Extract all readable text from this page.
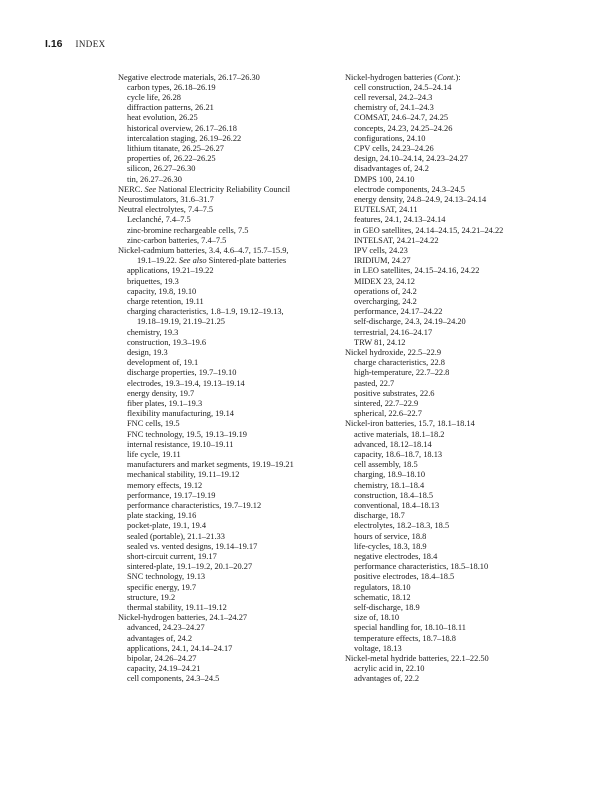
I.16 INDEX
Negative electrode materials, 26.17–26.30
carbon types, 26.18–26.19
cycle life, 26.28
diffraction patterns, 26.21
heat evolution, 26.25
historical overview, 26.17–26.18
intercalation staging, 26.19–26.22
lithium titanate, 26.25–26.27
properties of, 26.22–26.25
silicon, 26.27–26.30
tin, 26.27–26.30
NERC. See National Electricity Reliability Council
Neurostimulators, 31.6–31.7
Neutral electrolytes, 7.4–7.5
Leclanché, 7.4–7.5
zinc-bromine rechargeable cells, 7.5
zinc-carbon batteries, 7.4–7.5
Nickel-cadmium batteries, 3.4, 4.6–4.7, 15.7–15.9,
19.1–19.22. See also Sintered-plate batteries
applications, 19.21–19.22
briquettes, 19.3
capacity, 19.8, 19.10
charge retention, 19.11
charging characteristics, 1.8–1.9, 19.12–19.13,
19.18–19.19, 21.19–21.25
chemistry, 19.3
construction, 19.3–19.6
design, 19.3
development of, 19.1
discharge properties, 19.7–19.10
electrodes, 19.3–19.4, 19.13–19.14
energy density, 19.7
fiber plates, 19.1–19.3
flexibility manufacturing, 19.14
FNC cells, 19.5
FNC technology, 19.5, 19.13–19.19
internal resistance, 19.10–19.11
life cycle, 19.11
manufacturers and market segments, 19.19–19.21
mechanical stability, 19.11–19.12
memory effects, 19.12
performance, 19.17–19.19
performance characteristics, 19.7–19.12
plate stacking, 19.16
pocket-plate, 19.1, 19.4
sealed (portable), 21.1–21.33
sealed vs. vented designs, 19.14–19.17
short-circuit current, 19.17
sintered-plate, 19.1–19.2, 20.1–20.27
SNC technology, 19.13
specific energy, 19.7
structure, 19.2
thermal stability, 19.11–19.12
Nickel-hydrogen batteries, 24.1–24.27
advanced, 24.23–24.27
advantages of, 24.2
applications, 24.1, 24.14–24.17
bipolar, 24.26–24.27
capacity, 24.19–24.21
cell components, 24.3–24.5
Nickel-hydrogen batteries (Cont.):
cell construction, 24.5–24.14
cell reversal, 24.2–24.3
chemistry of, 24.1–24.3
COMSAT, 24.6–24.7, 24.25
concepts, 24.23, 24.25–24.26
configurations, 24.10
CPV cells, 24.23–24.26
design, 24.10–24.14, 24.23–24.27
disadvantages of, 24.2
DMPS 100, 24.10
electrode components, 24.3–24.5
energy density, 24.8–24.9, 24.13–24.14
EUTELSAT, 24.11
features, 24.1, 24.13–24.14
in GEO satellites, 24.14–24.15, 24.21–24.22
INTELSAT, 24.21–24.22
IPV cells, 24.23
IRIDIUM, 24.27
in LEO satellites, 24.15–24.16, 24.22
MIDEX 23, 24.12
operations of, 24.2
overcharging, 24.2
performance, 24.17–24.22
self-discharge, 24.3, 24.19–24.20
terrestrial, 24.16–24.17
TRW 81, 24.12
Nickel hydroxide, 22.5–22.9
charge characteristics, 22.8
high-temperature, 22.7–22.8
pasted, 22.7
positive substrates, 22.6
sintered, 22.7–22.9
spherical, 22.6–22.7
Nickel-iron batteries, 15.7, 18.1–18.14
active materials, 18.1–18.2
advanced, 18.12–18.14
capacity, 18.6–18.7, 18.13
cell assembly, 18.5
charging, 18.9–18.10
chemistry, 18.1–18.4
construction, 18.4–18.5
conventional, 18.4–18.13
discharge, 18.7
electrolytes, 18.2–18.3, 18.5
hours of service, 18.8
life-cycles, 18.3, 18.9
negative electrodes, 18.4
performance characteristics, 18.5–18.10
positive electrodes, 18.4–18.5
regulators, 18.10
schematic, 18.12
self-discharge, 18.9
size of, 18.10
special handling for, 18.10–18.11
temperature effects, 18.7–18.8
voltage, 18.13
Nickel-metal hydride batteries, 22.1–22.50
acrylic acid in, 22.10
advantages of, 22.2
